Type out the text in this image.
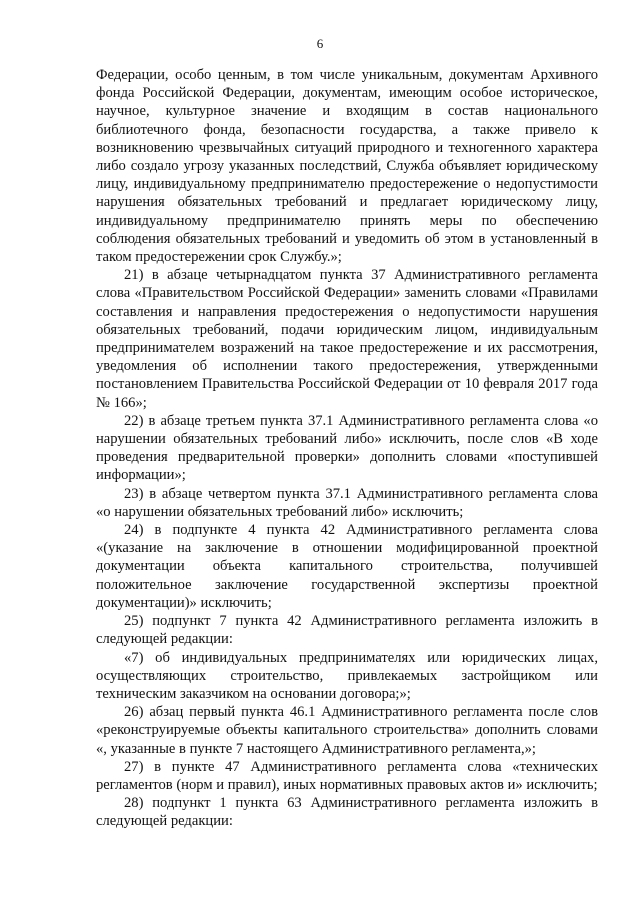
6

Федерации, особо ценным, в том числе уникальным, документам Архивного фонда Российской Федерации, документам, имеющим особое историческое, научное, культурное значение и входящим в состав национального библиотечного фонда, безопасности государства, а также привело к возникновению чрезвычайных ситуаций природного и техногенного характера либо создало угрозу указанных последствий, Служба объявляет юридическому лицу, индивидуальному предпринимателю предостережение о недопустимости нарушения обязательных требований и предлагает юридическому лицу, индивидуальному предпринимателю принять меры по обеспечению соблюдения обязательных требований и уведомить об этом в установленный в таком предостережении срок Службу.»;

21) в абзаце четырнадцатом пункта 37 Административного регламента слова «Правительством Российской Федерации» заменить словами «Правилами составления и направления предостережения о недопустимости нарушения обязательных требований, подачи юридическим лицом, индивидуальным предпринимателем возражений на такое предостережение и их рассмотрения, уведомления об исполнении такого предостережения, утвержденными постановлением Правительства Российской Федерации от 10 февраля 2017 года № 166»;

22) в абзаце третьем пункта 37.1 Административного регламента слова «о нарушении обязательных требований либо» исключить, после слов «В ходе проведения предварительной проверки» дополнить словами «поступившей информации»;

23) в абзаце четвертом пункта 37.1 Административного регламента слова «о нарушении обязательных требований либо» исключить;

24) в подпункте 4 пункта 42 Административного регламента слова «(указание на заключение в отношении модифицированной проектной документации объекта капитального строительства, получившей положительное заключение государственной экспертизы проектной документации)» исключить;

25) подпункт 7 пункта 42 Административного регламента изложить в следующей редакции:

«7) об индивидуальных предпринимателях или юридических лицах, осуществляющих строительство, привлекаемых застройщиком или техническим заказчиком на основании договора;»;

26) абзац первый пункта 46.1 Административного регламента после слов «реконструируемые объекты капитального строительства» дополнить словами «, указанные в пункте 7 настоящего Административного регламента,»;

27) в пункте 47 Административного регламента слова «технических регламентов (норм и правил), иных нормативных правовых актов и» исключить;

28) подпункт 1 пункта 63 Административного регламента изложить в следующей редакции:
